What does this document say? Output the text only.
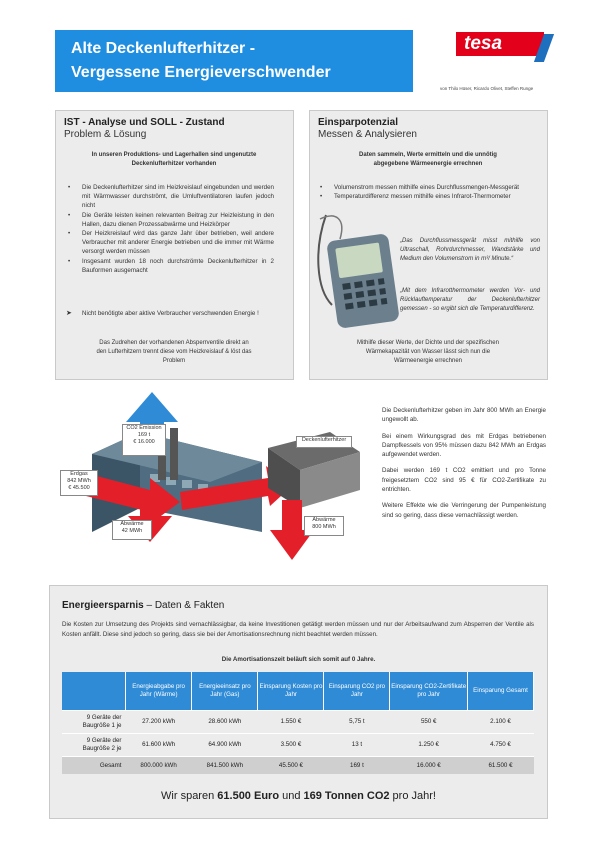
Alte Deckenlufterhitzer -
Vergessene Energieverschwender
tesa
von Thilo Hüser, Ricardo Olivet, Steffen Runge
IST - Analyse und SOLL - Zustand
Problem & Lösung
In unseren Produktions- und Lagerhallen sind ungenutzte
Deckenlufterhitzer vorhanden
• Die Deckenlufterhitzer sind im Heizkreislauf eingebunden und werden mit Wärmwasser durchströmt, die Umluftventilatoren laufen jedoch nicht
• Die Geräte leisten keinen relevanten Beitrag zur Heizleistung in den Hallen, dazu dienen Prozessabwärme und Heizkörper
• Der Heizkreislauf wird das ganze Jahr über betrieben, weil andere Verbraucher mit anderer Energie betrieben und die immer mit Wärme versorgt werden müssen
• Insgesamt wurden 18 noch durchströmte Deckenlufterhitzer in 2 Bauformen ausgemacht
➤ Nicht benötigte aber aktive Verbraucher verschwenden Energie !
Das Zudrehen der vorhandenen Absperrventile direkt an
den Lufterhitzern trennt diese vom Heizkreislauf & löst das
Problem
Einsparpotenzial
Messen & Analysieren
Daten sammeln, Werte ermitteln und die unnötig
abgegebene Wärmeenergie errechnen
• Volumenstrom messen mithilfe eines Durchflussmengen-Messgerät
• Temperaturdifferenz messen mithilfe eines Infrarot-Thermometer
„Das Durchflussmessgerät misst mithilfe von Ultraschall, Rohrdurchmesser, Wandstärke und Medium den Volumenstrom in m³/ Minute.“
„Mit dem Infrarotthermometer werden Vor- und Rücklauftemperatur der Deckenlufterhitzer gemessen - so ergibt sich die Temperaturdifferenz.
Mithilfe dieser Werte, der Dichte und der spezifischen
Wärmekapazität von Wasser lässt sich nun die
Wärmeenergie errechnen
CO2 Emission
169 t
€ 16.000
Erdgas
842 MWh
€ 45.500
Abwärme
42 MWh
Deckenlufterhitzer
Abwärme
800 MWh

Die Deckenlufterhitzer geben im Jahr 800 MWh an Energie ungewollt ab.

Bei einem Wirkungsgrad des mit Erdgas betriebenen Dampfkessels von 95% müssen dazu 842 MWh an Erdgas aufgewendet werden.

Dabei werden 169 t CO2 emittiert und pro Tonne freigesetztem CO2 sind 95 € für CO2-Zertifikate zu entrichten.

Weitere Effekte wie die Verringerung der Pumpenleistung sind so gering, dass diese vernachlässigt werden.

Energieersparnis – Daten & Fakten
Die Kosten zur Umsetzung des Projekts sind vernachlässigbar, da keine Investitionen getätigt werden müssen und nur der Arbeitsaufwand zum Absperren der Ventile als Kosten anfällt. Diese sind jedoch so gering, dass sie bei der Amortisationsrechnung nicht beachtet werden müssen.
Die Amortisationszeit beläuft sich somit auf 0 Jahre.
	Energieabgabe pro Jahr (Wärme)	Energieeinsatz pro Jahr (Gas)	Einsparung Kosten pro Jahr	Einsparung CO2 pro Jahr	Einsparung CO2-Zertifikate pro Jahr	Einsparung Gesamt
9 Geräte der Baugröße 1 je	27.200 kWh	28.600 kWh	1.550 €	5,75 t	550 €	2.100 €
9 Geräte der Baugröße 2 je	61.600 kWh	64.900 kWh	3.500 €	13 t	1.250 €	4.750 €
Gesamt	800.000 kWh	841.500 kWh	45.500 €	169 t	16.000 €	61.500 €
Wir sparen 61.500 Euro und 169 Tonnen CO2 pro Jahr!
